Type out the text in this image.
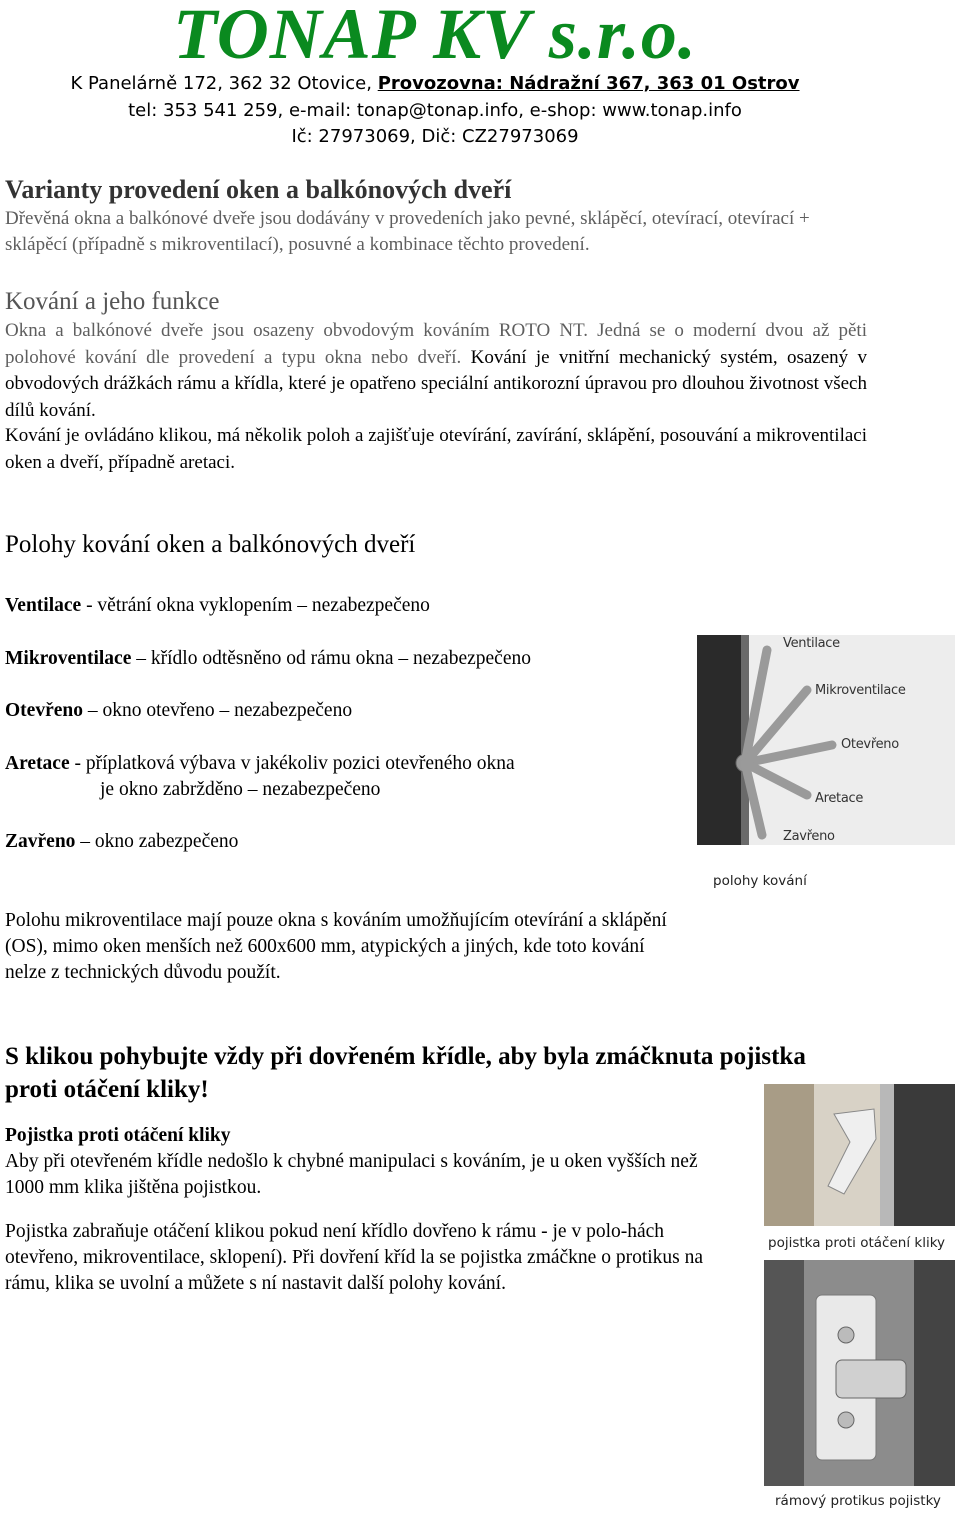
TONAP KV s.r.o.
K Panelárně 172, 362 32 Otovice, Provozovna: Nádražní 367, 363 01 Ostrov
tel: 353 541 259, e-mail: tonap@tonap.info, e-shop: www.tonap.info
Ič: 27973069, Dič: CZ27973069
Varianty provedení oken a balkónových dveří

Dřevěná okna a balkónové dveře jsou dodávány v provedeních jako pevné, sklápěcí, otevírací, otevírací + sklápěcí (případně s mikroventilací), posuvné a kombinace těchto provedení.

Kování a jeho funkce

Okna a balkónové dveře jsou osazeny obvodovým kováním ROTO NT. Jedná se o moderní dvou až pěti polohové kování dle provedení a typu okna nebo dveří. Kování je vnitřní mechanický systém, osazený v obvodových drážkách rámu a křídla, které je opatřeno speciální antikorozní úpravou pro dlouhou životnost všech dílů kování.

Kování je ovládáno klikou, má několik poloh a zajišťuje otevírání, zavírání, sklápění, posouvání a mikroventilaci oken a dveří, případně aretaci.

Polohy kování oken a balkónových dveří

Ventilace - větrání okna vyklopením – nezabezpečeno

Mikroventilace – křídlo odtěsněno od rámu okna – nezabezpečeno

Otevřeno – okno otevřeno – nezabezpečeno

Aretace - příplatková výbava v jakékoliv pozici otevřeného okna
je okno zabržděno – nezabezpečeno

Zavřeno – okno zabezpečeno

Polohu mikroventilace mají pouze okna s kováním umožňujícím otevírání a sklápění (OS), mimo oken menších než 600x600 mm, atypických a jiných, kde toto kování nelze z technických důvodu použít.

Ventilace
Mikroventilace
Otevřeno
Aretace
Zavřeno
polohy kování
S klikou pohybujte vždy při dovřeném křídle, aby byla zmáčknuta pojistka proti otáčení kliky!

Pojistka proti otáčení kliky

Aby při otevřeném křídle nedošlo k chybné manipulaci s kováním, je u oken vyšších než 1000 mm klika jištěna pojistkou.

Pojistka zabraňuje otáčení klikou pokud není křídlo dovřeno k rámu - je v polo-hách otevřeno, mikroventilace, sklopení). Při dovření kříd la se pojistka zmáčkne o protikus na rámu, klika se uvolní a můžete s ní nastavit další polohy kování.

pojistka proti otáčení kliky
rámový protikus pojistky
